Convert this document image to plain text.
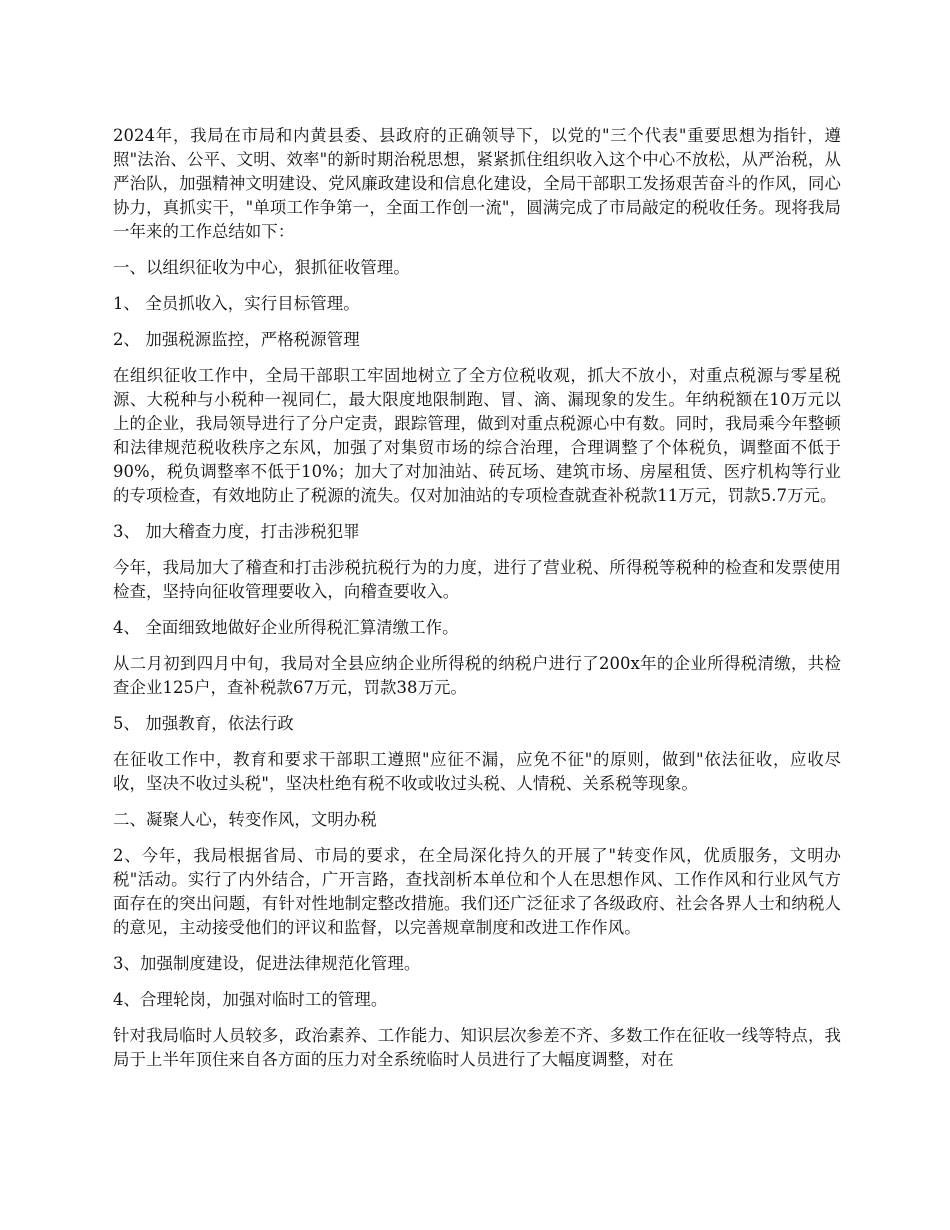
2024年，我局在市局和内黄县委、县政府的正确领导下，以党的"三个代表"重要思想为指针，遵照"法治、公平、文明、效率"的新时期治税思想，紧紧抓住组织收入这个中心不放松，从严治税，从严治队，加强精神文明建设、党风廉政建设和信息化建设，全局干部职工发扬艰苦奋斗的作风，同心协力，真抓实干，"单项工作争第一，全面工作创一流"，圆满完成了市局敲定的税收任务。现将我局一年来的工作总结如下：

一、以组织征收为中心，狠抓征收管理。

1、 全员抓收入，实行目标管理。

2、 加强税源监控，严格税源管理

在组织征收工作中，全局干部职工牢固地树立了全方位税收观，抓大不放小，对重点税源与零星税源、大税种与小税种一视同仁，最大限度地限制跑、冒、滴、漏现象的发生。年纳税额在10万元以上的企业，我局领导进行了分户定责，跟踪管理，做到对重点税源心中有数。同时，我局乘今年整顿和法律规范税收秩序之东风，加强了对集贸市场的综合治理，合理调整了个体税负，调整面不低于90%，税负调整率不低于10%；加大了对加油站、砖瓦场、建筑市场、房屋租赁、医疗机构等行业的专项检查，有效地防止了税源的流失。仅对加油站的专项检查就查补税款11万元，罚款5.7万元。

3、 加大稽查力度，打击涉税犯罪

今年，我局加大了稽查和打击涉税抗税行为的力度，进行了营业税、所得税等税种的检查和发票使用检查，坚持向征收管理要收入，向稽查要收入。

4、 全面细致地做好企业所得税汇算清缴工作。

从二月初到四月中旬，我局对全县应纳企业所得税的纳税户进行了200x年的企业所得税清缴，共检查企业125户，查补税款67万元，罚款38万元。

5、 加强教育，依法行政

在征收工作中，教育和要求干部职工遵照"应征不漏，应免不征"的原则，做到"依法征收，应收尽收，坚决不收过头税"，坚决杜绝有税不收或收过头税、人情税、关系税等现象。

二、凝聚人心，转变作风，文明办税

2、今年，我局根据省局、市局的要求，在全局深化持久的开展了"转变作风，优质服务，文明办税"活动。实行了内外结合，广开言路，查找剖析本单位和个人在思想作风、工作作风和行业风气方面存在的突出问题，有针对性地制定整改措施。我们还广泛征求了各级政府、社会各界人士和纳税人的意见，主动接受他们的评议和监督，以完善规章制度和改进工作作风。

3、加强制度建设，促进法律规范化管理。

4、合理轮岗，加强对临时工的管理。

针对我局临时人员较多，政治素养、工作能力、知识层次参差不齐、多数工作在征收一线等特点，我局于上半年顶住来自各方面的压力对全系统临时人员进行了大幅度调整，对在
